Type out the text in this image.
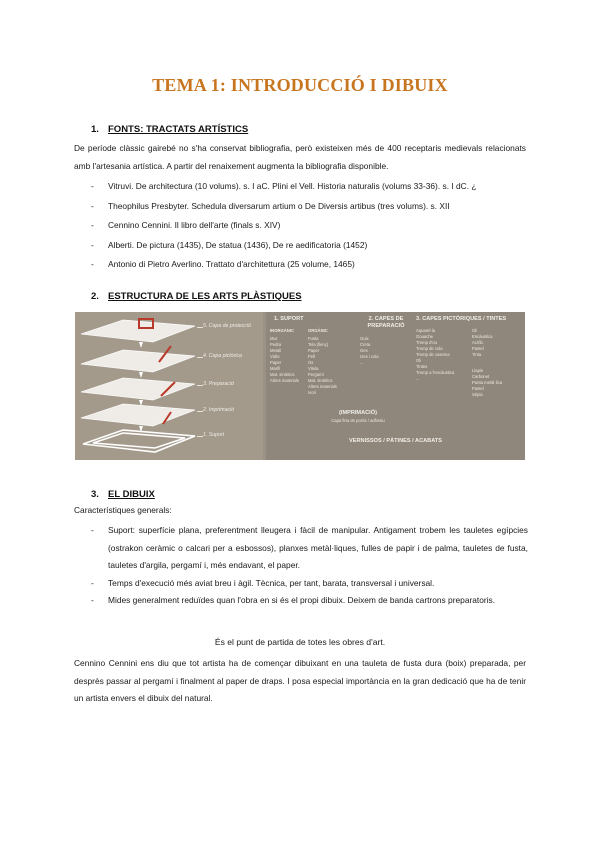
TEMA 1: INTRODUCCIÓ I DIBUIX
1. FONTS: TRACTATS ARTÍSTICS
De període clàssic gairebé no s'ha conservat bibliografia, però existeixen més de 400 receptaris medievals relacionats amb l'artesania artística. A partir del renaixement augmenta la bibliografia disponible.
- Vitruvi. De architectura (10 volums). s. I aC. Plini el Vell. Historia naturalis (volums 33-36). s. I dC. ¿
- Theophilus Presbyter. Schedula diversarum artium o De Diversis artibus (tres volums). s. XII
- Cennino Cennini. Il libro dell'arte (finals s. XIV)
- Alberti. De pictura (1435), De statua (1436), De re aedificatoria (1452)
- Antonio di Pietro Averlino. Trattato d'architettura (25 volume, 1465)
2. ESTRUCTURA DE LES ARTS PLÀSTIQUES
5. Capa de protecció
4. Capa pictòrica
3. Preparació
2. Imprimació
1. Suport
1. SUPORT
INORGÀNIC	ORGÀNIC
Mur
Pedra
Metall
Vidre
Paper
Marfil
Mat. sintètics
Altres materials
Fusta
Tela (llenç)
Paper
Pell
Os
Vitela
Pergamí
Mat. sintètics
Altres materials
Ivori
2. CAPES DE PREPARACIÓ
Guix
Creta
Ges
Ges i cola
...
3. CAPES PICTÒRIQUES / TINTES
Aquarel·la
Gouache
Tremp d'ou
Tremp de cola
Tremp de caseïna
Oli
Tintes
Tremp a l'encàustica
...
Oli
Encàustica
Acrílic
Pastel
Tinta
Llapis
Carbonet
Punta metàl·lica
Pastel
Sépia
(IMPRIMACIÓ)
Capa fina de porós / adhesiu
VERNISSOS / PÀTINES / ACABATS
3. EL DIBUIX
Característiques generals:
- Suport: superfície plana, preferentment lleugera i fàcil de manipular. Antigament trobem les tauletes egípcies (ostrakon ceràmic o calcari per a esbossos), planxes metàl·liques, fulles de papir i de palma, tauletes de fusta, tauletes d'argila, pergamí i, més endavant, el paper.
- Temps d'execució més aviat breu i àgil. Tècnica, per tant, barata, transversal i universal.
- Mides generalment reduïdes quan l'obra en si és el propi dibuix. Deixem de banda cartrons preparatoris.
És el punt de partida de totes les obres d'art.
Cennino Cennini ens diu que tot artista ha de començar dibuixant en una tauleta de fusta dura (boix) preparada, per desprès passar al pergamí i finalment al paper de draps. I posa especial importància en la gran dedicació que ha de tenir un artista envers el dibuix del natural.
